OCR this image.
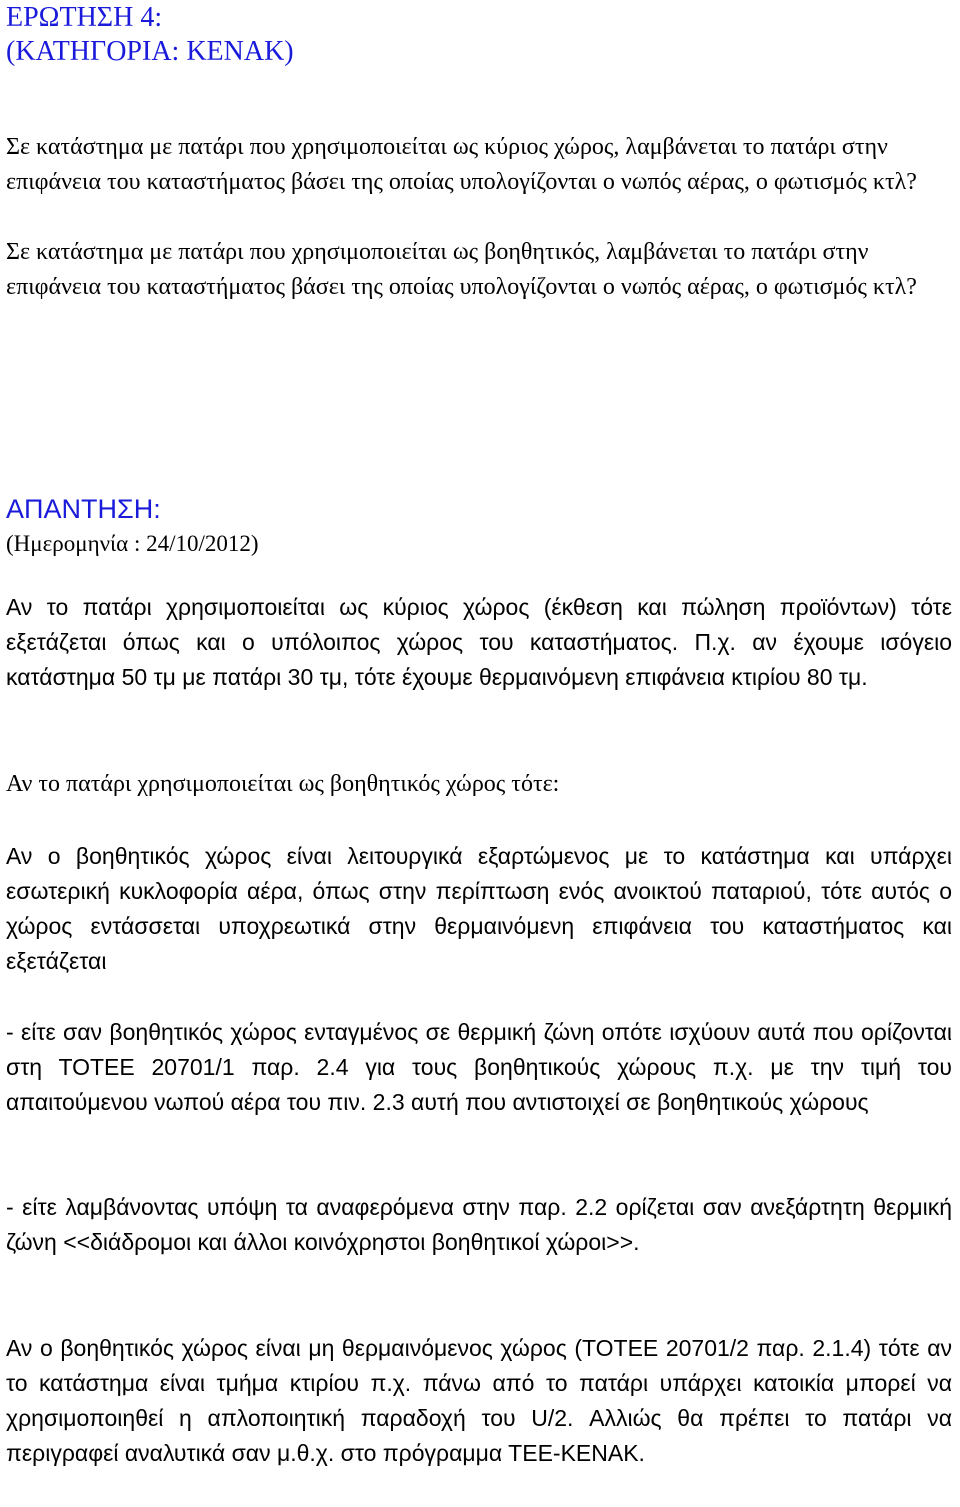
ΕΡΩΤΗΣΗ 4:
(ΚΑΤΗΓΟΡΙΑ: ΚΕΝΑΚ)

Σε κατάστημα με πατάρι που χρησιμοποιείται ως κύριος χώρος, λαμβάνεται το πατάρι στην επιφάνεια του καταστήματος βάσει της οποίας υπολογίζονται ο νωπός αέρας, ο φωτισμός κτλ?

Σε κατάστημα με πατάρι που χρησιμοποιείται ως βοηθητικός, λαμβάνεται το πατάρι στην επιφάνεια του καταστήματος βάσει της οποίας υπολογίζονται ο νωπός αέρας, ο φωτισμός κτλ?

ΑΠΑΝΤΗΣΗ:
(Ημερομηνία : 24/10/2012)

Αν το πατάρι χρησιμοποιείται ως κύριος χώρος (έκθεση και πώληση προϊόντων) τότε εξετάζεται όπως και ο υπόλοιπος χώρος του καταστήματος. Π.χ. αν έχουμε ισόγειο κατάστημα 50 τμ με πατάρι 30 τμ, τότε έχουμε θερμαινόμενη επιφάνεια κτιρίου 80 τμ.

Αν το πατάρι χρησιμοποιείται ως βοηθητικός χώρος τότε:

Αν ο βοηθητικός χώρος είναι λειτουργικά εξαρτώμενος με το κατάστημα και υπάρχει εσωτερική κυκλοφορία αέρα, όπως στην περίπτωση ενός ανοικτού παταριού, τότε αυτός ο χώρος εντάσσεται υποχρεωτικά στην θερμαινόμενη επιφάνεια του καταστήματος και εξετάζεται

- είτε σαν βοηθητικός χώρος ενταγμένος σε θερμική ζώνη οπότε ισχύουν αυτά που ορίζονται στη ΤΟΤΕΕ 20701/1 παρ. 2.4 για τους βοηθητικούς χώρους π.χ. με την τιμή του απαιτούμενου νωπού αέρα του πιν. 2.3 αυτή που αντιστοιχεί σε βοηθητικούς χώρους

- είτε λαμβάνοντας υπόψη τα αναφερόμενα στην παρ. 2.2 ορίζεται σαν ανεξάρτητη θερμική ζώνη <<διάδρομοι και άλλοι κοινόχρηστοι βοηθητικοί χώροι>>.

Αν ο βοηθητικός χώρος είναι μη θερμαινόμενος χώρος (ΤΟΤΕΕ 20701/2 παρ. 2.1.4) τότε αν το κατάστημα είναι τμήμα κτιρίου π.χ. πάνω από το πατάρι υπάρχει κατοικία μπορεί να χρησιμοποιηθεί η απλοποιητική παραδοχή του U/2. Αλλιώς θα πρέπει το πατάρι να περιγραφεί αναλυτικά σαν μ.θ.χ. στο πρόγραμμα ΤΕΕ-ΚΕΝΑΚ.
